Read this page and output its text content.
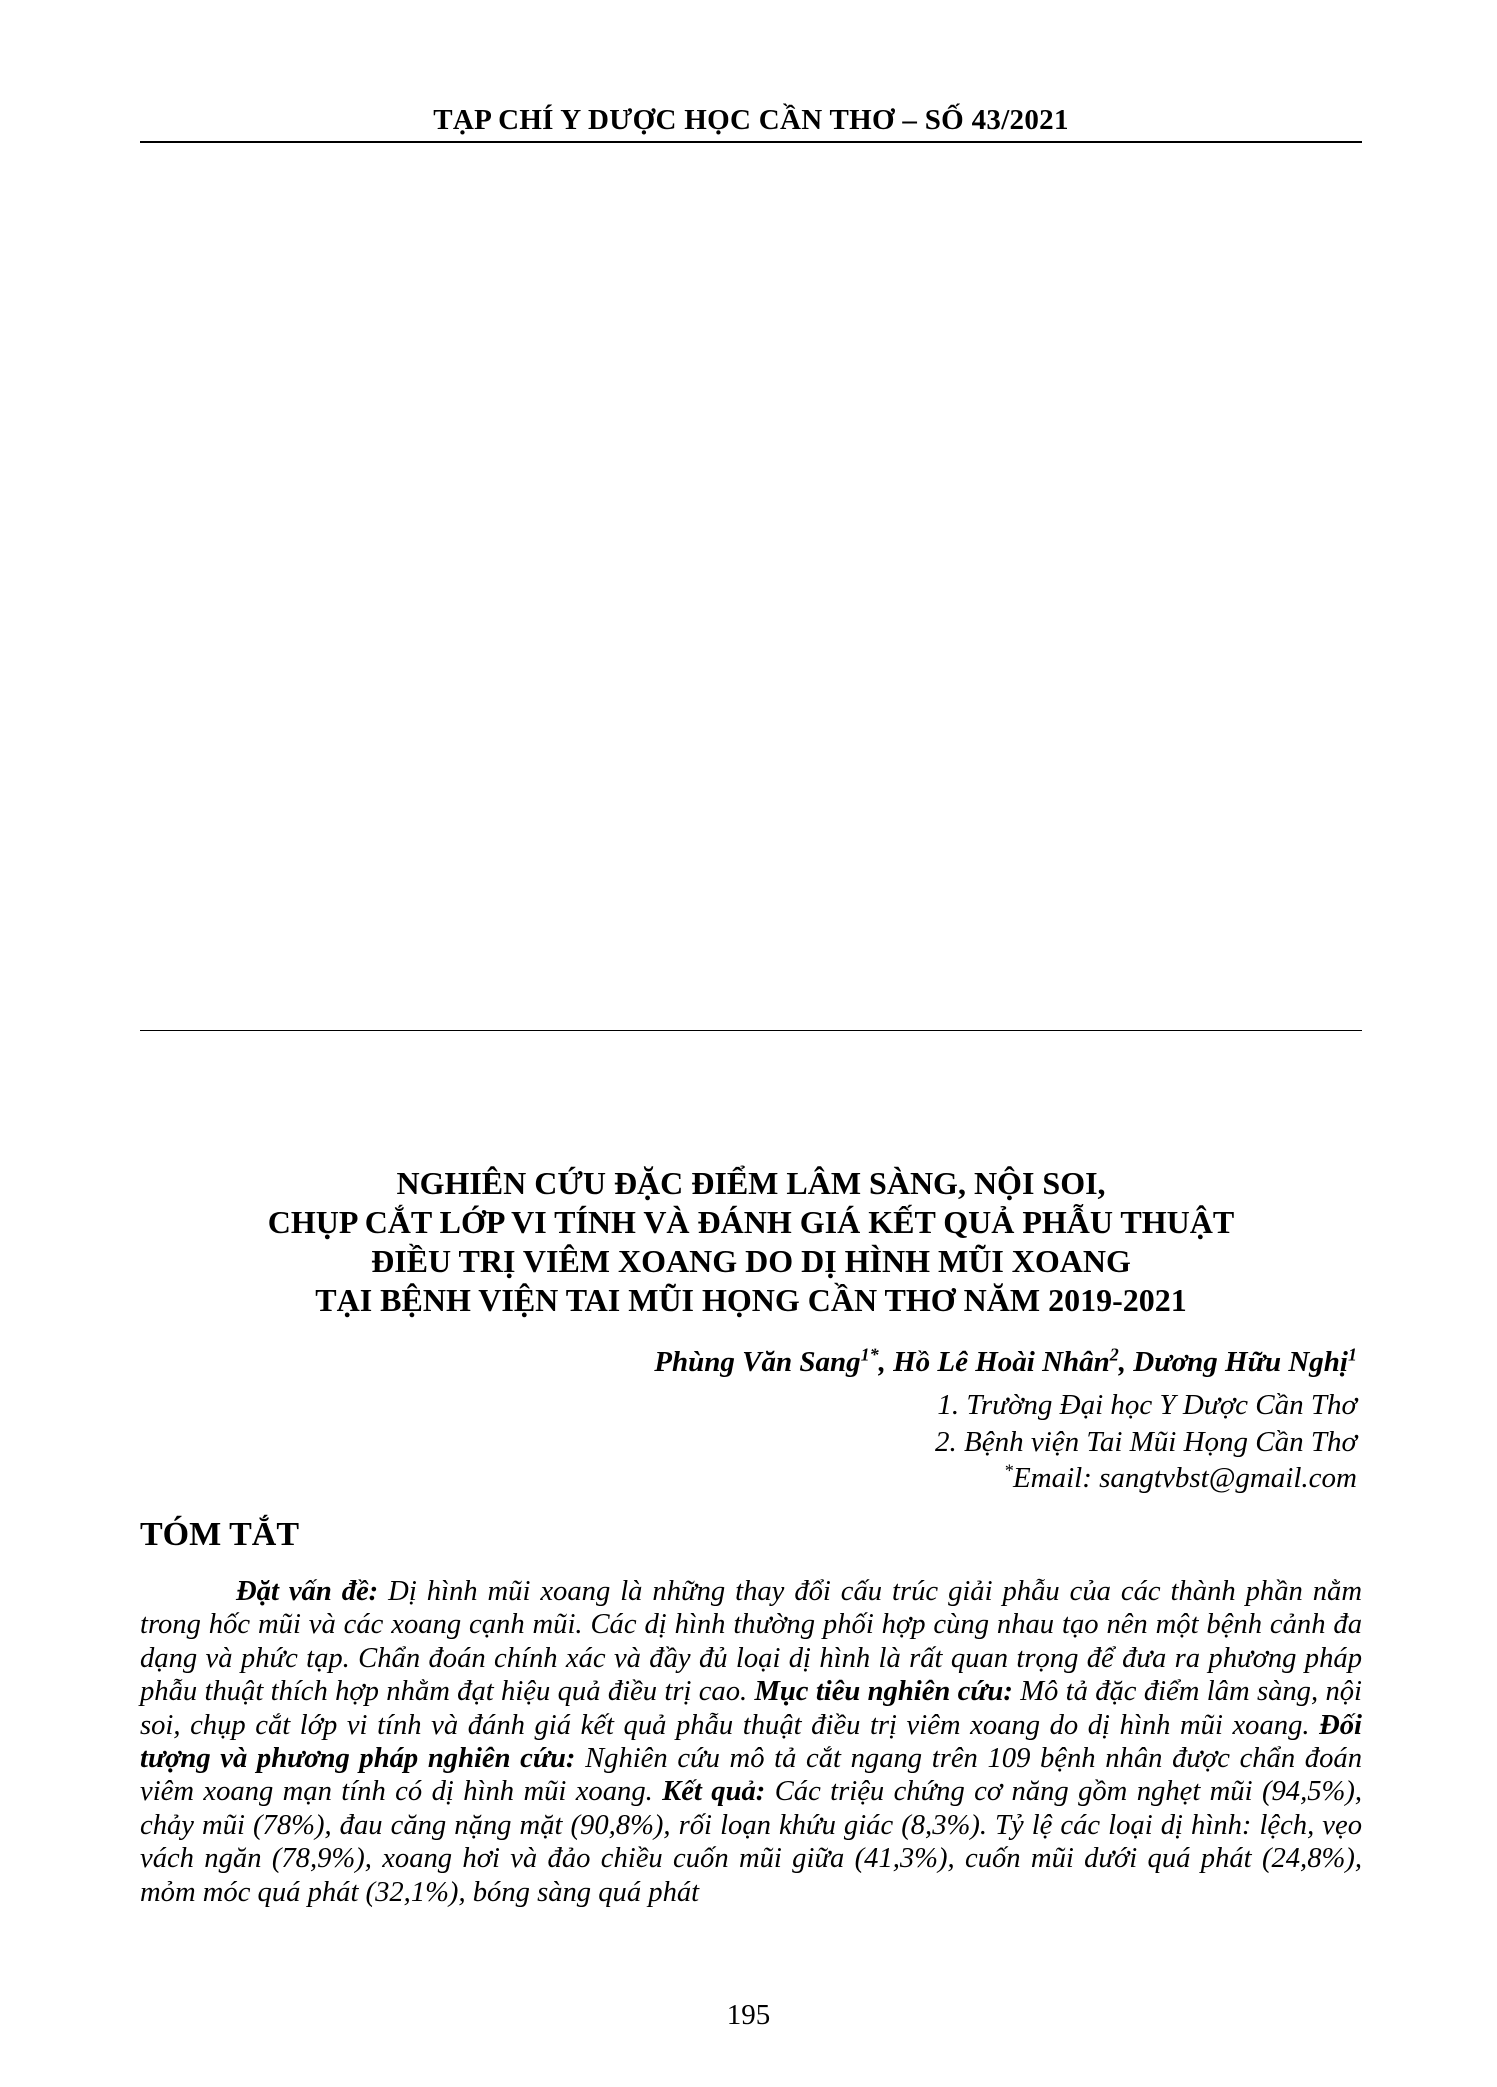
TẠP CHÍ Y DƯỢC HỌC CẦN THƠ – SỐ 43/2021
NGHIÊN CỨU ĐẶC ĐIỂM LÂM SÀNG, NỘI SOI,
CHỤP CẮT LỚP VI TÍNH VÀ ĐÁNH GIÁ KẾT QUẢ PHẪU THUẬT
ĐIỀU TRỊ VIÊM XOANG DO DỊ HÌNH MŨI XOANG
TẠI BỆNH VIỆN TAI MŨI HỌNG CẦN THƠ NĂM 2019-2021
Phùng Văn Sang$^{1*}$, Hồ Lê Hoài Nhân$^2$, Dương Hữu Nghị$^1$
1. Trường Đại học Y Dược Cần Thơ
2. Bệnh viện Tai Mũi Họng Cần Thơ
*Email: sangtvbst@gmail.com
TÓM TẮT
Đặt vấn đề: Dị hình mũi xoang là những thay đổi cấu trúc giải phẫu của các thành phần nằm trong hốc mũi và các xoang cạnh mũi. Các dị hình thường phối hợp cùng nhau tạo nên một bệnh cảnh đa dạng và phức tạp. Chẩn đoán chính xác và đầy đủ loại dị hình là rất quan trọng để đưa ra phương pháp phẫu thuật thích hợp nhằm đạt hiệu quả điều trị cao. Mục tiêu nghiên cứu: Mô tả đặc điểm lâm sàng, nội soi, chụp cắt lớp vi tính và đánh giá kết quả phẫu thuật điều trị viêm xoang do dị hình mũi xoang. Đối tượng và phương pháp nghiên cứu: Nghiên cứu mô tả cắt ngang trên 109 bệnh nhân được chẩn đoán viêm xoang mạn tính có dị hình mũi xoang. Kết quả: Các triệu chứng cơ năng gồm nghẹt mũi (94,5%), chảy mũi (78%), đau căng nặng mặt (90,8%), rối loạn khứu giác (8,3%). Tỷ lệ các loại dị hình: lệch, vẹo vách ngăn (78,9%), xoang hơi và đảo chiều cuốn mũi giữa (41,3%), cuốn mũi dưới quá phát (24,8%), mỏm móc quá phát (32,1%), bóng sàng quá phát
195
